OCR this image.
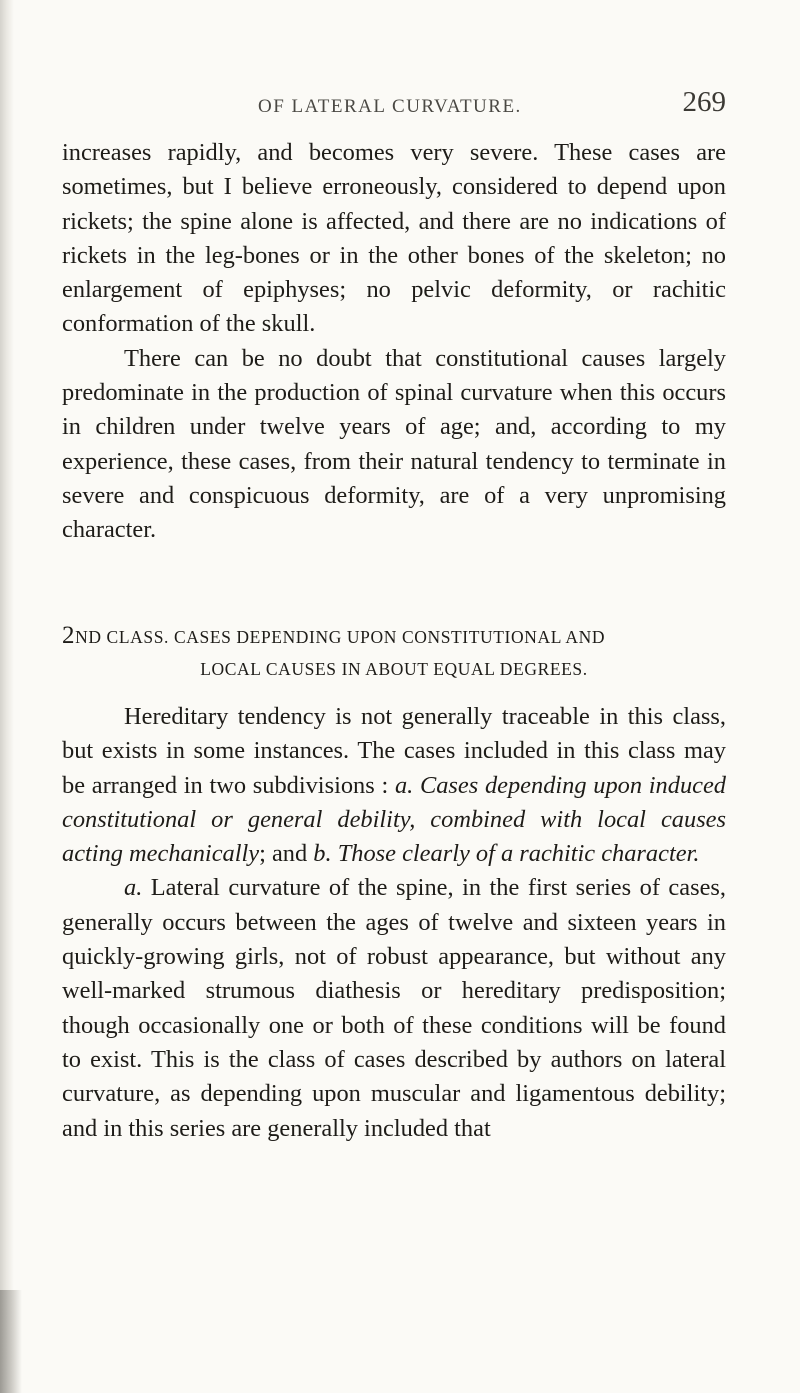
OF LATERAL CURVATURE.	269

increases rapidly, and becomes very severe. These cases are sometimes, but I believe erroneously, considered to depend upon rickets; the spine alone is affected, and there are no indications of rickets in the leg-bones or in the other bones of the skeleton; no enlargement of epiphyses; no pelvic deformity, or rachitic conformation of the skull.

There can be no doubt that constitutional causes largely predominate in the production of spinal curvature when this occurs in children under twelve years of age; and, according to my experience, these cases, from their natural tendency to terminate in severe and conspicuous deformity, are of a very unpromising character.

2ND CLASS. CASES DEPENDING UPON CONSTITUTIONAL AND
LOCAL CAUSES IN ABOUT EQUAL DEGREES.

Hereditary tendency is not generally traceable in this class, but exists in some instances. The cases included in this class may be arranged in two subdivisions : a. Cases depending upon induced constitutional or general debility, combined with local causes acting mechanically; and b. Those clearly of a rachitic character.

a. Lateral curvature of the spine, in the first series of cases, generally occurs between the ages of twelve and sixteen years in quickly-growing girls, not of robust appearance, but without any well-marked strumous diathesis or hereditary predisposition; though occasionally one or both of these conditions will be found to exist. This is the class of cases described by authors on lateral curvature, as depending upon muscular and ligamentous debility; and in this series are generally included that
